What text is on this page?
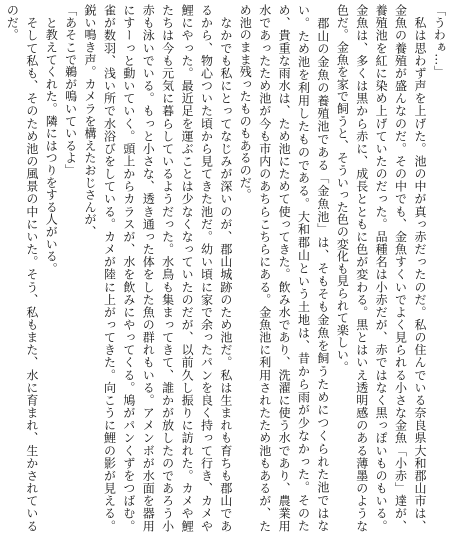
「うわぁ…」

　私は思わず声を上げた。池の中が真っ赤だったのだ。私の住んでいる奈良県大和郡山市は、金魚の養殖が盛んなのだ。その中でも、金魚すくいでよく見られる小さな金魚「小赤」達が、養殖池を紅に染め上げていたのだった。品種名は小赤だが、赤ではなく黒っぽいものもいる。金魚は、多くは黒から赤に、成長とともに色が変わる。黒とはいえ透明感のある薄墨のような色だ。金魚を家で飼うと、そういった色の変化も見られて楽しい。

　郡山の金魚の養殖池である「金魚池」は、そもそも金魚を飼うためにつくられた池ではない。ため池を利用したものである。大和郡山という土地は、昔から雨が少なかった。そのため、貴重な雨水は、ため池にためて使ってきた。飲み水であり、洗濯に使う水であり、農業用水であったため池が今も市内のあちらこちらにある。金魚池に利用されたため池もあるが、ため池のまま残ったものもあるのだ。

　なかでも私にとってなじみが深いのが、郡山城跡のため池だ。私は生まれも育ちも郡山であるから、物心ついた頃から見てきた池だ。幼い頃に家で余ったパンを良く持って行き、カメや鯉にやった。最近足を運ぶことは少なくなっていたのだが、以前久し振りに訪れた。カメや鯉たちは今も元気に暮らしているようだった。水鳥も集まってきて、誰かが放したのであろう小赤も泳いでいる。もっと小さな、透き通った体をした魚の群れもいる。アメンボが水面を器用にすーっと動いていく。頭上からカラスが、水を飲みにやってくる。鳩がパンくずをつばむ。雀が数羽、浅い所で水浴びをしている。カメが陸に上がってきた。向こうに鯉の影が見える。鋭い鳴き声。カメラを構えたおじさんが、

「あそこで鵜が鳴いているよ」

　と教えてくれた。隣にはつりをする人がいる。

　そして私も、そのため池の風景の中にいた。そう、私もまた、水に育まれ、生かされているのだ。
